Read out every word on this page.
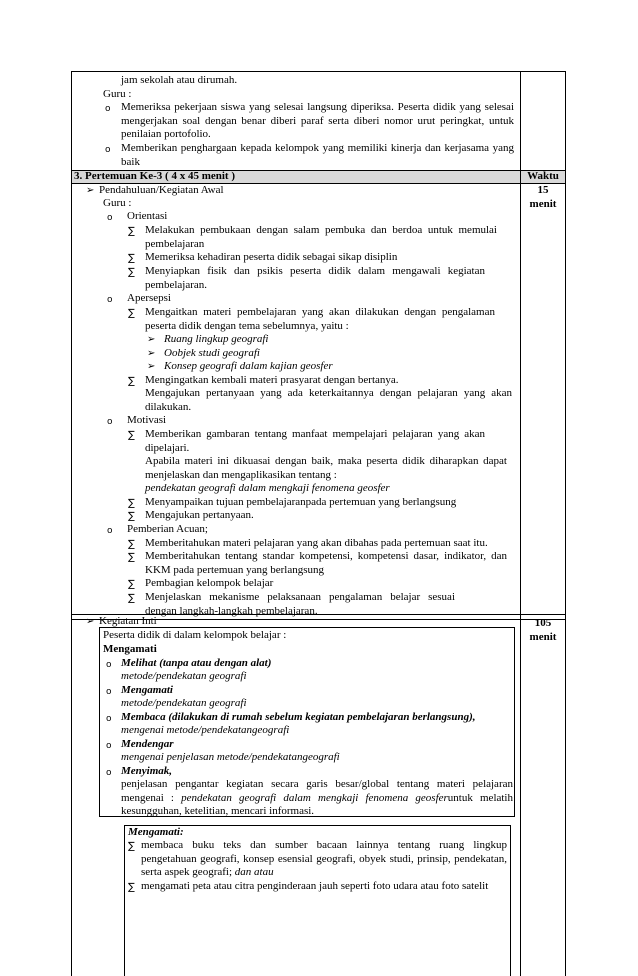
jam sekolah atau dirumah.
Guru :
o Memeriksa pekerjaan siswa yang selesai langsung diperiksa. Peserta didik yang selesai mengerjakan soal dengan benar diberi paraf serta diberi nomor urut peringkat, untuk penilaian portofolio.
o Memberikan penghargaan kepada kelompok yang memiliki kinerja dan kerjasama yang baik
3. Pertemuan Ke-3 ( 4 x 45 menit )	Waktu
➢ Pendahuluan/Kegiatan Awal	15
menit
Guru :
o Orientasi
∑ Melakukan pembukaan dengan salam pembuka dan berdoa untuk memulai pembelajaran
∑ Memeriksa kehadiran peserta didik sebagai sikap disiplin
∑ Menyiapkan fisik dan psikis peserta didik dalam mengawali kegiatan pembelajaran.
o Apersepsi
∑ Mengaitkan materi pembelajaran yang akan dilakukan dengan pengalaman peserta didik dengan tema sebelumnya, yaitu :
➢ Ruang lingkup geografi
➢ Oobjek studi geografi
➢ Konsep geografi dalam kajian geosfer
∑ Mengingatkan kembali materi prasyarat dengan bertanya.
Mengajukan pertanyaan yang ada keterkaitannya dengan pelajaran yang akan dilakukan.
o Motivasi
∑ Memberikan gambaran tentang manfaat mempelajari pelajaran yang akan dipelajari.
Apabila materi ini dikuasai dengan baik, maka peserta didik diharapkan dapat menjelaskan dan mengaplikasikan tentang :
pendekatan geografi dalam mengkaji fenomena geosfer
∑ Menyampaikan tujuan pembelajaranpada pertemuan yang berlangsung
∑ Mengajukan pertanyaan.
o Pemberian Acuan;
∑ Memberitahukan materi pelajaran yang akan dibahas pada pertemuan saat itu.
∑ Memberitahukan tentang standar kompetensi, kompetensi dasar, indikator, dan KKM pada pertemuan yang berlangsung
∑ Pembagian kelompok belajar
∑ Menjelaskan mekanisme pelaksanaan pengalaman belajar sesuai dengan langkah-langkah pembelajaran.
➢ Kegiatan Inti	105
menit
Peserta didik di dalam kelompok belajar :
Mengamati
o Melihat (tanpa atau dengan alat)
metode/pendekatan geografi
o Mengamati
metode/pendekatan geografi
o Membaca (dilakukan di rumah sebelum kegiatan pembelajaran berlangsung),
mengenai metode/pendekatangeografi
o Mendengar
mengenai penjelasan metode/pendekatangeografi
o Menyimak,
penjelasan pengantar kegiatan secara garis besar/global tentang materi pelajaran mengenai : pendekatan geografi dalam mengkaji fenomena geosferuntuk melatih kesungguhan, ketelitian, mencari informasi.
Mengamati:
∑ membaca buku teks dan sumber bacaan lainnya tentang ruang lingkup pengetahuan geografi, konsep esensial geografi, obyek studi, prinsip, pendekatan, serta aspek geografi; dan atau
∑ mengamati peta atau citra penginderaan jauh seperti foto udara atau foto satelit
